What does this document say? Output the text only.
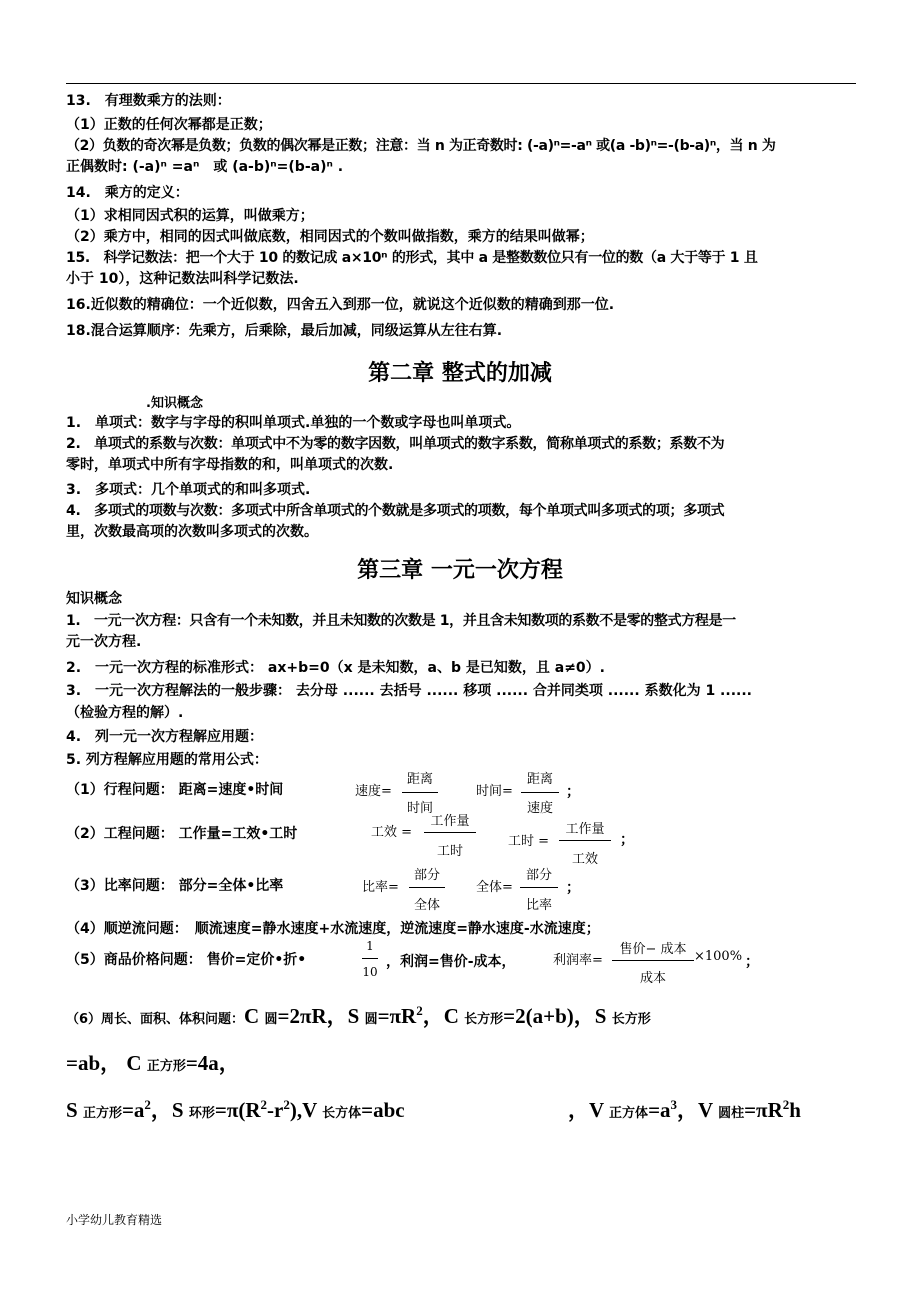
13.　有理数乘方的法则：
（1）正数的任何次幂都是正数；
（2）负数的奇次幂是负数；负数的偶次幂是正数；注意：当 n 为正奇数时: (-a)ⁿ=-aⁿ 或(a -b)ⁿ=-(b-a)ⁿ，当 n 为
正偶数时: (-a)ⁿ =aⁿ　或 (a-b)ⁿ=(b-a)ⁿ .
14.　乘方的定义：
（1）求相同因式积的运算，叫做乘方；
（2）乘方中，相同的因式叫做底数，相同因式的个数叫做指数，乘方的结果叫做幂；
15.　科学记数法：把一个大于 10 的数记成 a×10ⁿ 的形式，其中 a 是整数数位只有一位的数（a 大于等于 1 且
小于 10），这种记数法叫科学记数法.
16.近似数的精确位：一个近似数，四舍五入到那一位，就说这个近似数的精确到那一位.
18.混合运算顺序：先乘方，后乘除，最后加减，同级运算从左往右算.
第二章 整式的加减
.知识概念
1.　单项式：数字与字母的积叫单项式.单独的一个数或字母也叫单项式。
2.　单项式的系数与次数：单项式中不为零的数字因数，叫单项式的数字系数，简称单项式的系数；系数不为
零时，单项式中所有字母指数的和，叫单项式的次数.
3.　多项式：几个单项式的和叫多项式.
4.　多项式的项数与次数：多项式中所含单项式的个数就是多项式的项数，每个单项式叫多项式的项；多项式
里，次数最高项的次数叫多项式的次数。
第三章 一元一次方程
知识概念
1.　一元一次方程：只含有一个未知数，并且未知数的次数是 1，并且含未知数项的系数不是零的整式方程是一
元一次方程.
2.　一元一次方程的标准形式： ax+b=0（x 是未知数，a、b 是已知数，且 a≠0）.
3.　一元一次方程解法的一般步骤： 去分母 ...... 去括号 ...... 移项 ...... 合并同类项 ...... 系数化为 1 ......
（检验方程的解）.
4.　列一元一次方程解应用题：
5. 列方程解应用题的常用公式：
（1）行程问题： 距离=速度•时间	速度=
距离
时间
时间=
距离
速度
；
（2）工程问题： 工作量=工效•工时	工效 =
工作量
工时
工时 =
工作量
工效
；
（3）比率问题： 部分=全体•比率	比率=
部分
全体
全体=
部分
比率
；
（4）顺逆流问题：　顺流速度=静水速度+水流速度，逆流速度=静水速度-水流速度；
（5）商品价格问题： 售价=定价•折•
1
10
，利润=售价-成本，	利润率=
售价− 成本
成本
×100% ；
（6）周长、面积、体积问题：C 圆=2πR，S 圆$=\pi R^2$，C 长方形=2(a+b)，S 长方形
=ab， C 正方形=4a，
S 正方形$=a^2$，S 环形$=\pi(R^2-r^2),V$ 长方体=abc	，V 正方体$=a^3$，V 圆柱$=\pi R^2h$
小学幼儿教育精选
